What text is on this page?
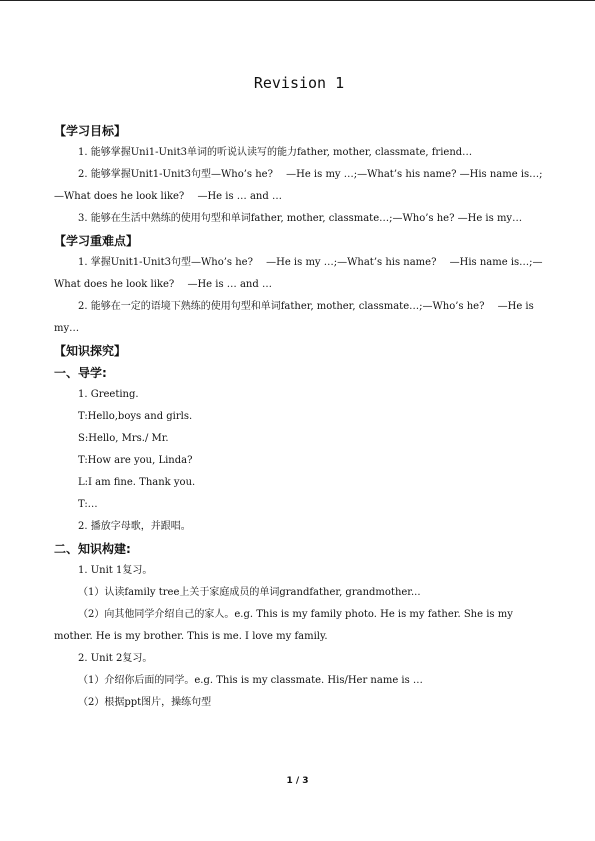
Revision 1
【学习目标】

1. 能够掌握Uni1-Unit3单词的听说认读写的能力father, mother, classmate, friend…

2. 能够掌握Unit1-Unit3句型—Who’s he?　 —He is my …;—What’s his name? —His name is…;—What does he look like?　 —He is … and …

3. 能够在生活中熟练的使用句型和单词father, mother, classmate…;—Who’s he? —He is my…

【学习重难点】

1. 掌握Unit1-Unit3句型—Who’s he?　 —He is my …;—What’s his name?　 —His name is…;—What does he look like?　 —He is … and …

2. 能够在一定的语境下熟练的使用句型和单词father, mother, classmate…;—Who’s he?　 —He is my…

【知识探究】
一、导学:

1. Greeting.

T:Hello,boys and girls.

S:Hello, Mrs./ Mr.

T:How are you, Linda?

L:I am fine. Thank you.

T:…

2. 播放字母歌，并跟唱。

二、知识构建:

1. Unit 1复习。

（1）认读family tree上关于家庭成员的单词grandfather, grandmother...

（2）向其他同学介绍自己的家人。e.g. This is my family photo. He is my father. She is my mother. He is my brother. This is me. I love my family.

2. Unit 2复习。

（1）介绍你后面的同学。e.g. This is my classmate. His/Her name is …

（2）根据ppt图片，操练句型

1 / 3
